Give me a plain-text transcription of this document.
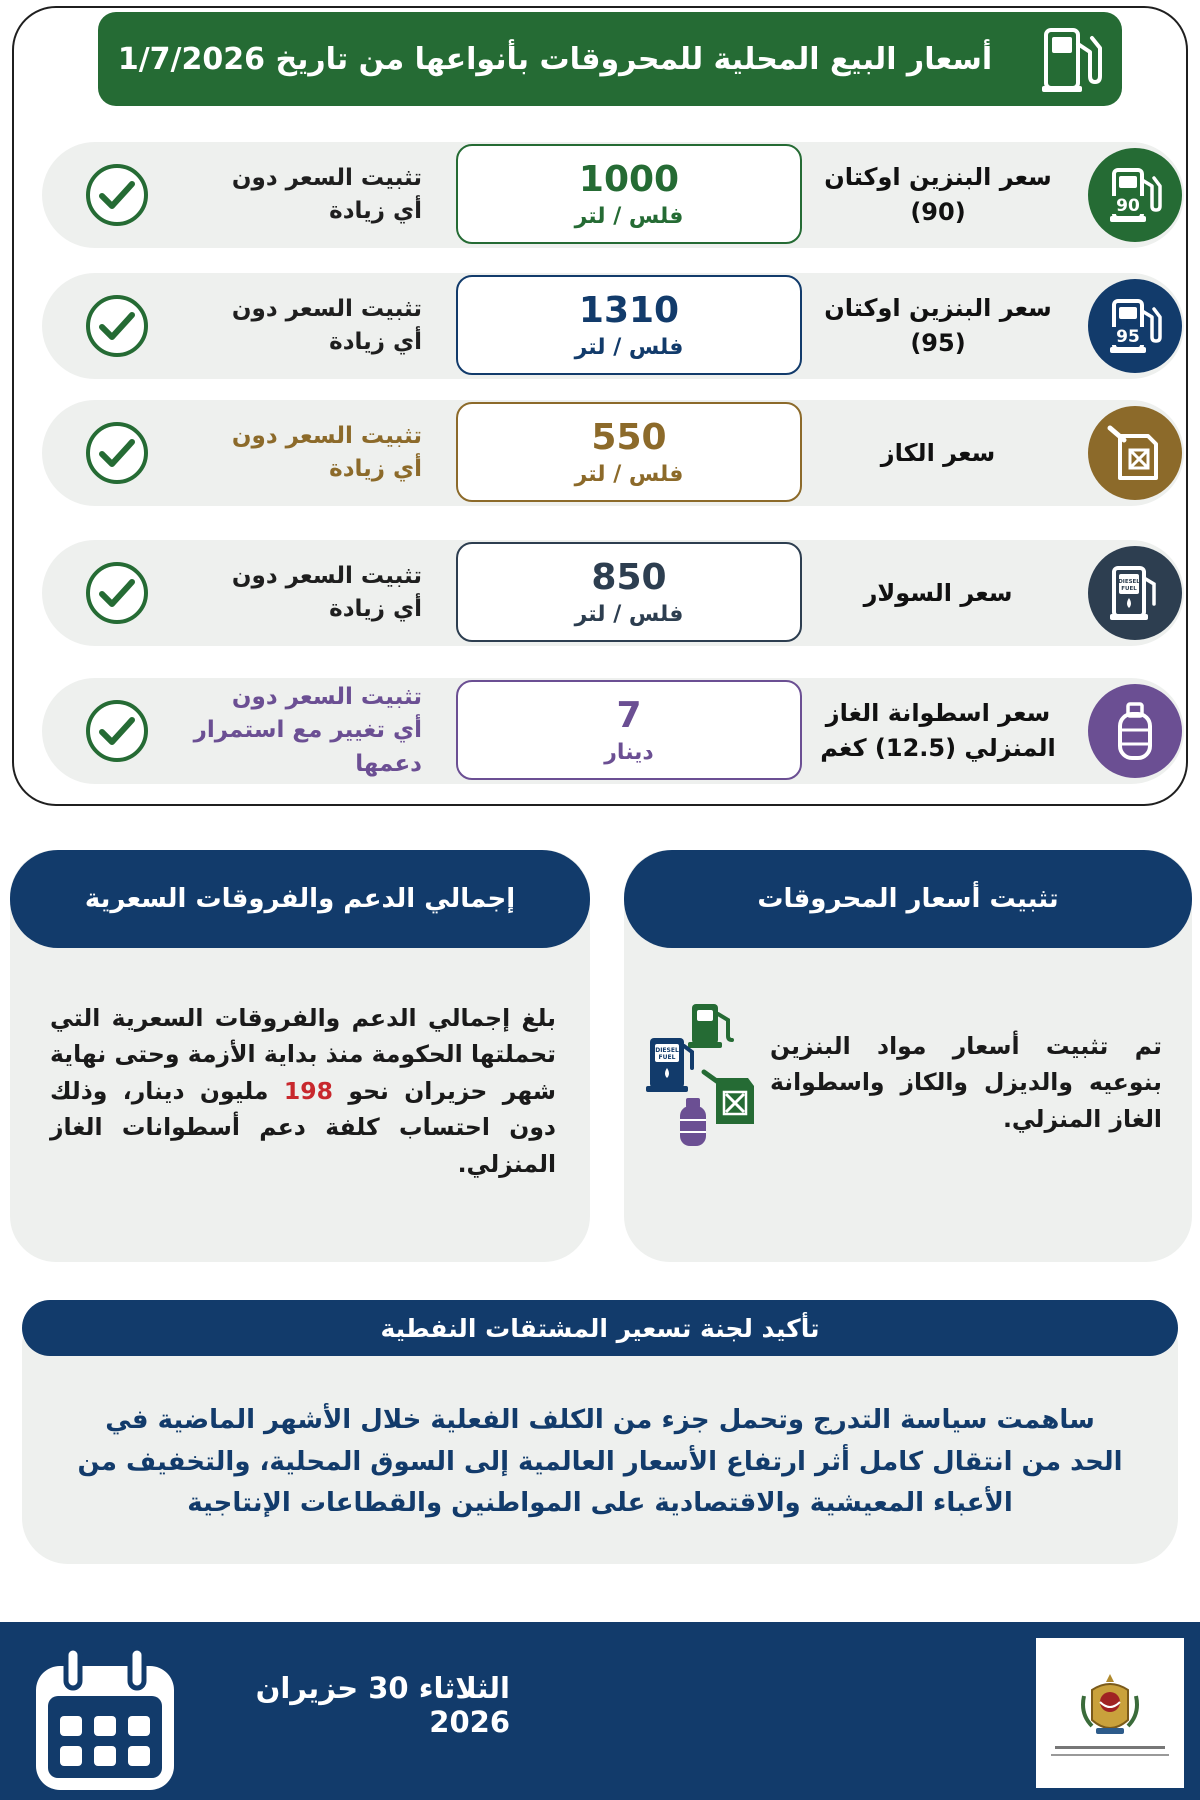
أسعار البيع المحلية للمحروقات بأنواعها من تاريخ 1/7/2026
90
سعر البنزين اوكتان (90)
1000
فلس / لتر
تثبيت السعر دون
أي زيادة
95
سعر البنزين اوكتان (95)
1310
فلس / لتر
تثبيت السعر دون
أي زيادة
سعر الكاز
550
فلس / لتر
تثبيت السعر دون
أي زيادة
DIESEL
FUEL
سعر السولار
850
فلس / لتر
تثبيت السعر دون
أي زيادة
سعر اسطوانة الغاز
المنزلي (12.5) كغم
7
دينار
تثبيت السعر دون
أي تغيير مع استمرار
دعمها
تثبيت أسعار المحروقات
DIESEL
FUEL	تم تثبيت أسعار مواد البنزين بنوعيه والديزل والكاز واسطوانة الغاز المنزلي.

إجمالي الدعم والفروقات السعرية

بلغ إجمالي الدعم والفروقات السعرية التي تحملتها الحكومة منذ بداية الأزمة وحتى نهاية شهر حزيران نحو 198 مليون دينار، وذلك دون احتساب كلفة دعم أسطوانات الغاز المنزلي.

تأكيد لجنة تسعير المشتقات النفطية
ساهمت سياسة التدرج وتحمل جزء من الكلف الفعلية خلال الأشهر الماضية في
الحد من انتقال كامل أثر ارتفاع الأسعار العالمية إلى السوق المحلية، والتخفيف من
الأعباء المعيشية والاقتصادية على المواطنين والقطاعات الإنتاجية
الثلاثاء 30 حزيران 2026
